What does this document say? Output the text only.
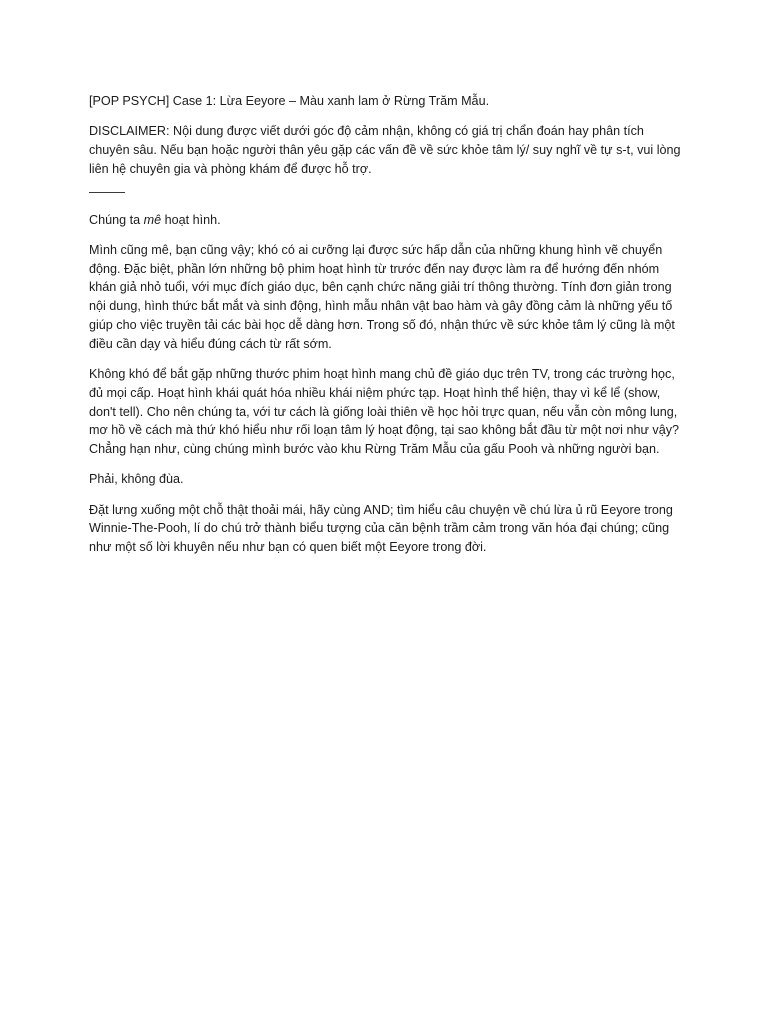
[POP PSYCH] Case 1: Lừa Eeyore – Màu xanh lam ở Rừng Trăm Mẫu.

DISCLAIMER: Nội dung được viết dưới góc độ cảm nhận, không có giá trị chẩn đoán hay phân tích chuyên sâu. Nếu bạn hoặc người thân yêu gặp các vấn đề về sức khỏe tâm lý/ suy nghĩ về tự s-t, vui lòng liên hệ chuyên gia và phòng khám để được hỗ trợ.

Chúng ta mê hoạt hình.

Mình cũng mê, bạn cũng vậy; khó có ai cưỡng lại được sức hấp dẫn của những khung hình vẽ chuyển động. Đặc biệt, phần lớn những bộ phim hoạt hình từ trước đến nay được làm ra để hướng đến nhóm khán giả nhỏ tuổi, với mục đích giáo dục, bên cạnh chức năng giải trí thông thường. Tính đơn giản trong nội dung, hình thức bắt mắt và sinh động, hình mẫu nhân vật bao hàm và gây đồng cảm là những yếu tố giúp cho việc truyền tải các bài học dễ dàng hơn. Trong số đó, nhận thức về sức khỏe tâm lý cũng là một điều cần dạy và hiểu đúng cách từ rất sớm.

Không khó để bắt gặp những thước phim hoạt hình mang chủ đề giáo dục trên TV, trong các trường học, đủ mọi cấp. Hoạt hình khái quát hóa nhiều khái niệm phức tạp. Hoạt hình thể hiện, thay vì kể lể (show, don't tell). Cho nên chúng ta, với tư cách là giống loài thiên về học hỏi trực quan, nếu vẫn còn mông lung, mơ hồ về cách mà thứ khó hiểu như rối loạn tâm lý hoạt động, tại sao không bắt đầu từ một nơi như vậy? Chẳng hạn như, cùng chúng mình bước vào khu Rừng Trăm Mẫu của gấu Pooh và những người bạn.

Phải, không đùa.

Đặt lưng xuống một chỗ thật thoải mái, hãy cùng AND; tìm hiểu câu chuyện về chú lừa ủ rũ Eeyore trong Winnie-The-Pooh, lí do chú trở thành biểu tượng của căn bệnh trầm cảm trong văn hóa đại chúng; cũng như một số lời khuyên nếu như bạn có quen biết một Eeyore trong đời.
